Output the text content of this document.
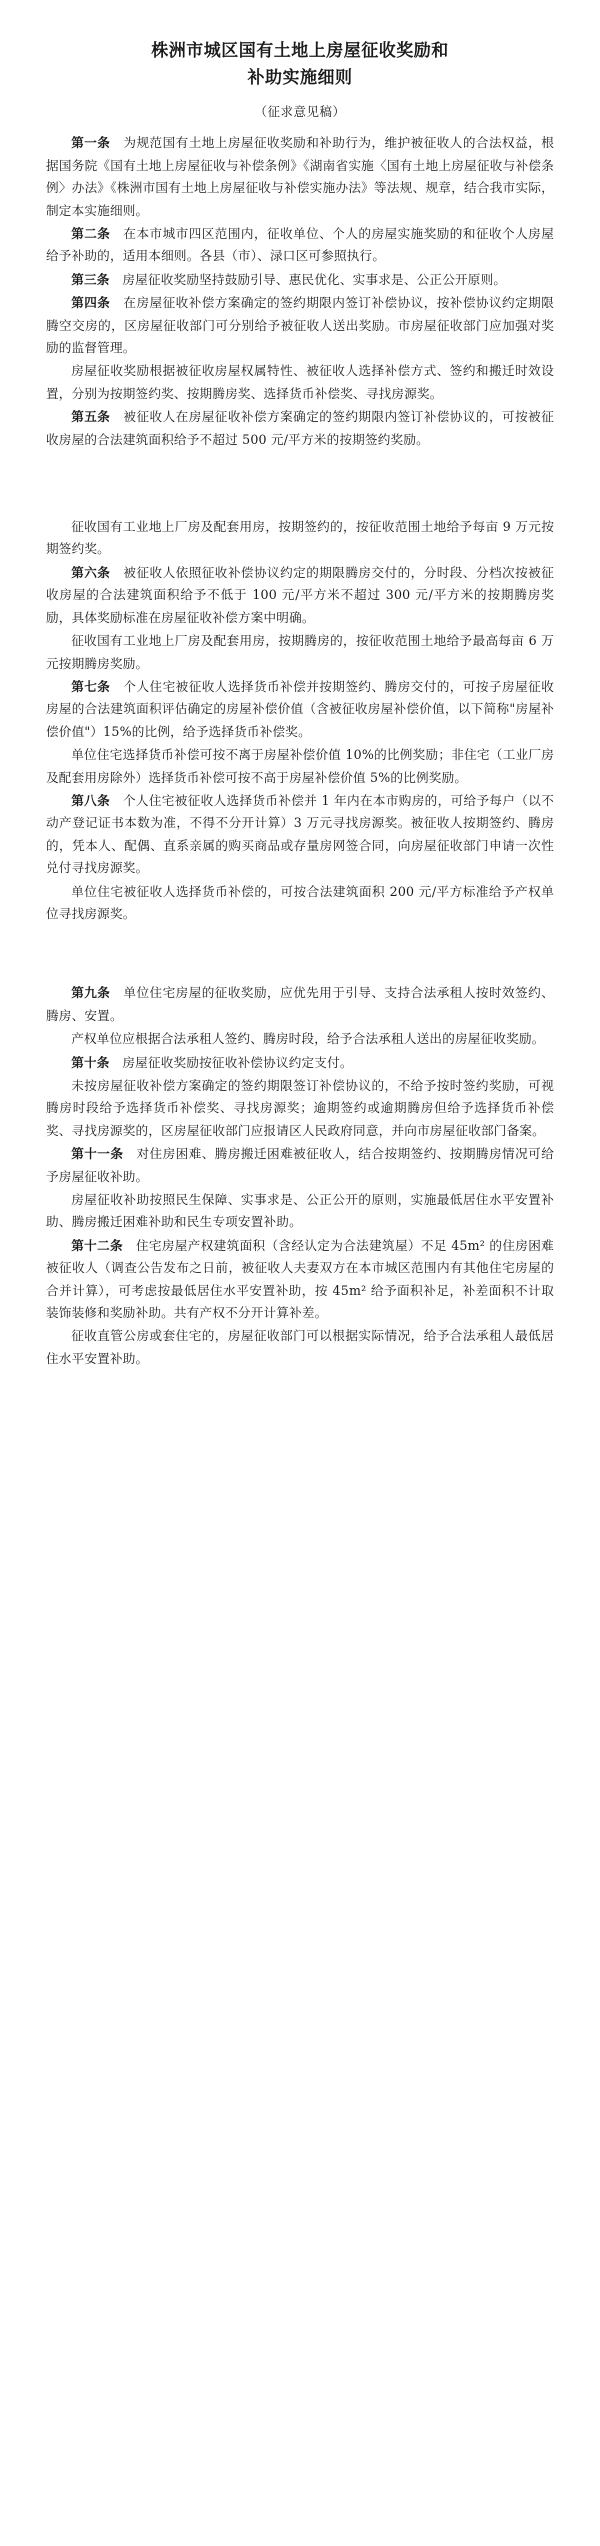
株洲市城区国有土地上房屋征收奖励和
补助实施细则
（征求意见稿）

第一条　为规范国有土地上房屋征收奖励和补助行为，维护被征收人的合法权益，根据国务院《国有土地上房屋征收与补偿条例》《湖南省实施〈国有土地上房屋征收与补偿条例〉办法》《株洲市国有土地上房屋征收与补偿实施办法》等法规、规章，结合我市实际，制定本实施细则。

第二条　在本市城市四区范围内，征收单位、个人的房屋实施奖励的和征收个人房屋给予补助的，适用本细则。各县（市）、渌口区可参照执行。

第三条　房屋征收奖励坚持鼓励引导、惠民优化、实事求是、公正公开原则。

第四条　在房屋征收补偿方案确定的签约期限内签订补偿协议，按补偿协议约定期限腾空交房的，区房屋征收部门可分别给予被征收人送出奖励。市房屋征收部门应加强对奖励的监督管理。

房屋征收奖励根据被征收房屋权属特性、被征收人选择补偿方式、签约和搬迁时效设置，分别为按期签约奖、按期腾房奖、选择货币补偿奖、寻找房源奖。

第五条　被征收人在房屋征收补偿方案确定的签约期限内签订补偿协议的，可按被征收房屋的合法建筑面积给予不超过 500 元/平方米的按期签约奖励。

征收国有工业地上厂房及配套用房，按期签约的，按征收范围土地给予每亩 9 万元按期签约奖。

第六条　被征收人依照征收补偿协议约定的期限腾房交付的，分时段、分档次按被征收房屋的合法建筑面积给予不低于 100 元/平方米不超过 300 元/平方米的按期腾房奖励，具体奖励标准在房屋征收补偿方案中明确。

征收国有工业地上厂房及配套用房，按期腾房的，按征收范围土地给予最高每亩 6 万元按期腾房奖励。

第七条　个人住宅被征收人选择货币补偿并按期签约、腾房交付的，可按子房屋征收房屋的合法建筑面积评估确定的房屋补偿价值（含被征收房屋补偿价值，以下简称"房屋补偿价值"）15%的比例，给予选择货币补偿奖。

单位住宅选择货币补偿可按不离于房屋补偿价值 10%的比例奖励；非住宅（工业厂房及配套用房除外）选择货币补偿可按不高于房屋补偿价值 5%的比例奖励。

第八条　个人住宅被征收人选择货币补偿并 1 年内在本市购房的，可给予每户（以不动产登记证书本数为准，不得不分开计算）3 万元寻找房源奖。被征收人按期签约、腾房的，凭本人、配偶、直系亲属的购买商品或存量房网签合同，向房屋征收部门申请一次性兑付寻找房源奖。

单位住宅被征收人选择货币补偿的，可按合法建筑面积 200 元/平方标准给予产权单位寻找房源奖。

第九条　单位住宅房屋的征收奖励，应优先用于引导、支持合法承租人按时效签约、腾房、安置。

产权单位应根据合法承租人签约、腾房时段，给予合法承租人送出的房屋征收奖励。

第十条　房屋征收奖励按征收补偿协议约定支付。

未按房屋征收补偿方案确定的签约期限签订补偿协议的，不给予按时签约奖励，可视腾房时段给予选择货币补偿奖、寻找房源奖；逾期签约或逾期腾房但给予选择货币补偿奖、寻找房源奖的，区房屋征收部门应报请区人民政府同意，并向市房屋征收部门备案。

第十一条　对住房困难、腾房搬迁困难被征收人，结合按期签约、按期腾房情况可给予房屋征收补助。

房屋征收补助按照民生保障、实事求是、公正公开的原则，实施最低居住水平安置补助、腾房搬迁困难补助和民生专项安置补助。

第十二条　住宅房屋产权建筑面积（含经认定为合法建筑屋）不足 45m² 的住房困难被征收人（调查公告发布之日前，被征收人夫妻双方在本市城区范围内有其他住宅房屋的合并计算），可考虑按最低居住水平安置补助，按 45m² 给予面积补足，补差面积不计取装饰装修和奖励补助。共有产权不分开计算补差。

征收直管公房或套住宅的，房屋征收部门可以根据实际情况，给予合法承租人最低居住水平安置补助。
